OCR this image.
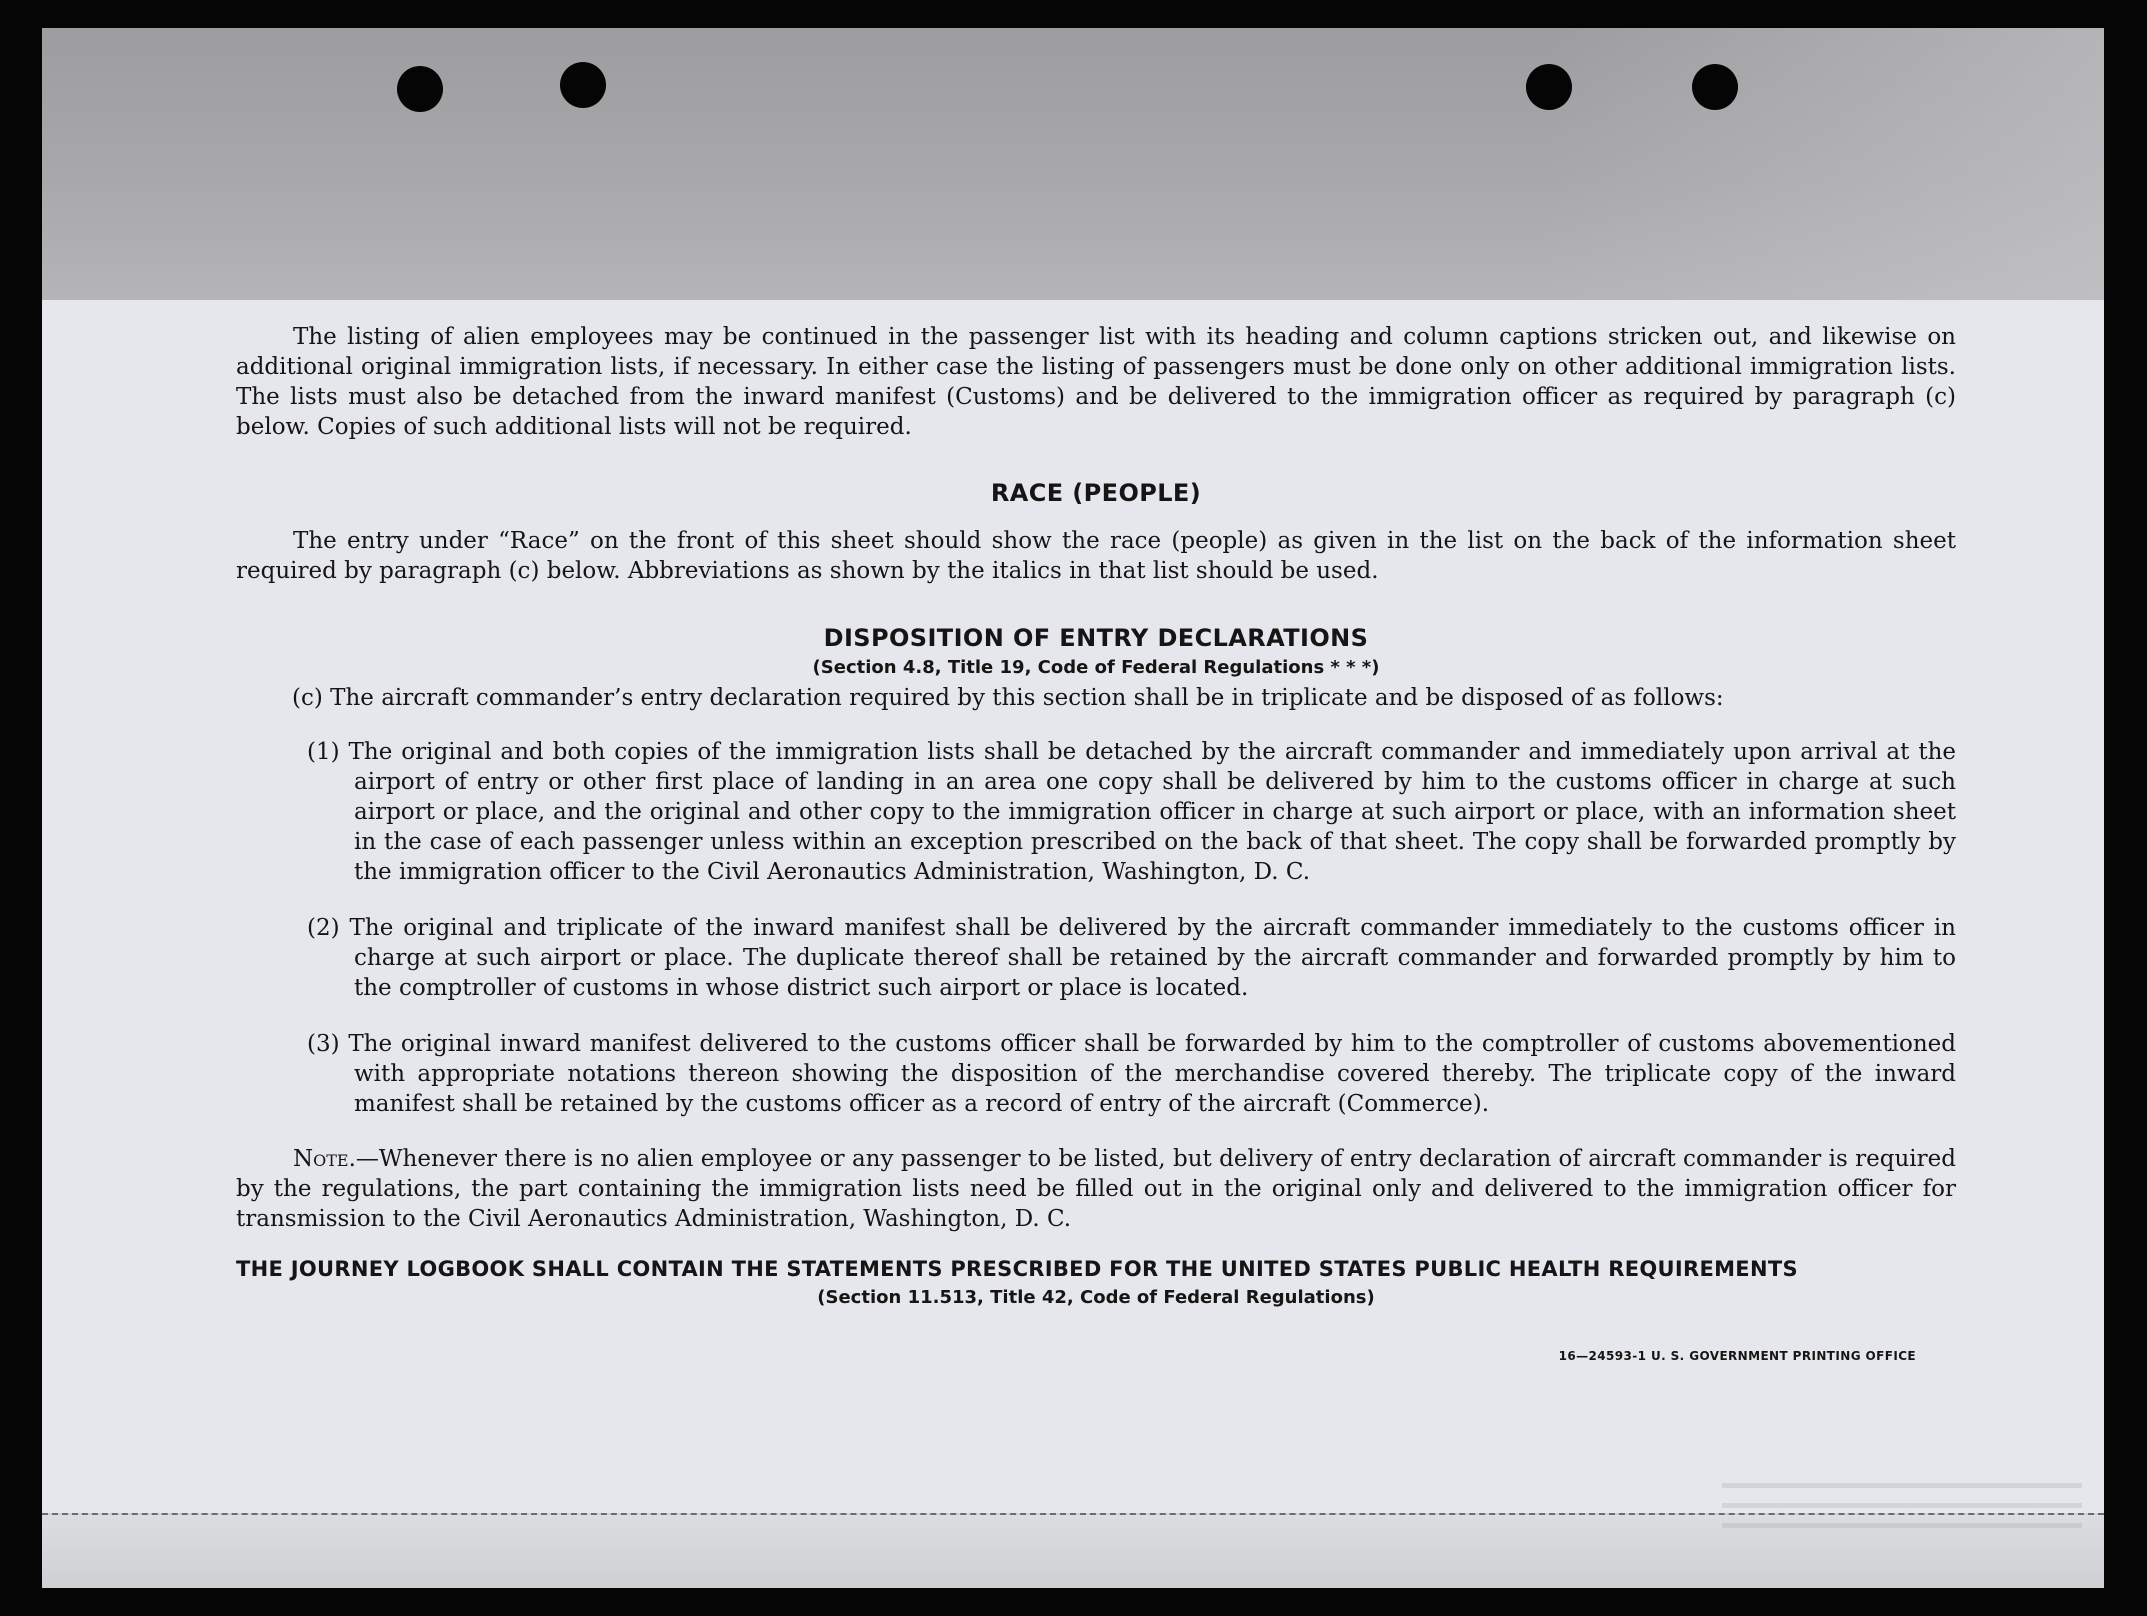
The listing of alien employees may be continued in the passenger list with its heading and column captions stricken out, and likewise on additional original immigration lists, if necessary. In either case the listing of passengers must be done only on other additional immigration lists. The lists must also be detached from the inward manifest (Customs) and be delivered to the immigration officer as required by paragraph (c) below. Copies of such additional lists will not be required.

RACE (PEOPLE)

The entry under “Race” on the front of this sheet should show the race (people) as given in the list on the back of the information sheet required by paragraph (c) below. Abbreviations as shown by the italics in that list should be used.

DISPOSITION OF ENTRY DECLARATIONS
(Section 4.8, Title 19, Code of Federal Regulations * * *)

(c) The aircraft commander’s entry declaration required by this section shall be in triplicate and be disposed of as follows:

(1) The original and both copies of the immigration lists shall be detached by the aircraft commander and immediately upon arrival at the airport of entry or other first place of landing in an area one copy shall be delivered by him to the customs officer in charge at such airport or place, and the original and other copy to the immigration officer in charge at such airport or place, with an information sheet in the case of each passenger unless within an exception prescribed on the back of that sheet. The copy shall be forwarded promptly by the immigration officer to the Civil Aeronautics Administration, Washington, D. C.

(2) The original and triplicate of the inward manifest shall be delivered by the aircraft commander immediately to the customs officer in charge at such airport or place. The duplicate thereof shall be retained by the aircraft commander and forwarded promptly by him to the comptroller of customs in whose district such airport or place is located.

(3) The original inward manifest delivered to the customs officer shall be forwarded by him to the comptroller of customs abovementioned with appropriate notations thereon showing the disposition of the merchandise covered thereby. The triplicate copy of the inward manifest shall be retained by the customs officer as a record of entry of the aircraft (Commerce).

Note.—Whenever there is no alien employee or any passenger to be listed, but delivery of entry declaration of aircraft commander is required by the regulations, the part containing the immigration lists need be filled out in the original only and delivered to the immigration officer for transmission to the Civil Aeronautics Administration, Washington, D. C.

THE JOURNEY LOGBOOK SHALL CONTAIN THE STATEMENTS PRESCRIBED FOR THE UNITED STATES PUBLIC HEALTH REQUIREMENTS
(Section 11.513, Title 42, Code of Federal Regulations)
16—24593-1 U. S. GOVERNMENT PRINTING OFFICE
